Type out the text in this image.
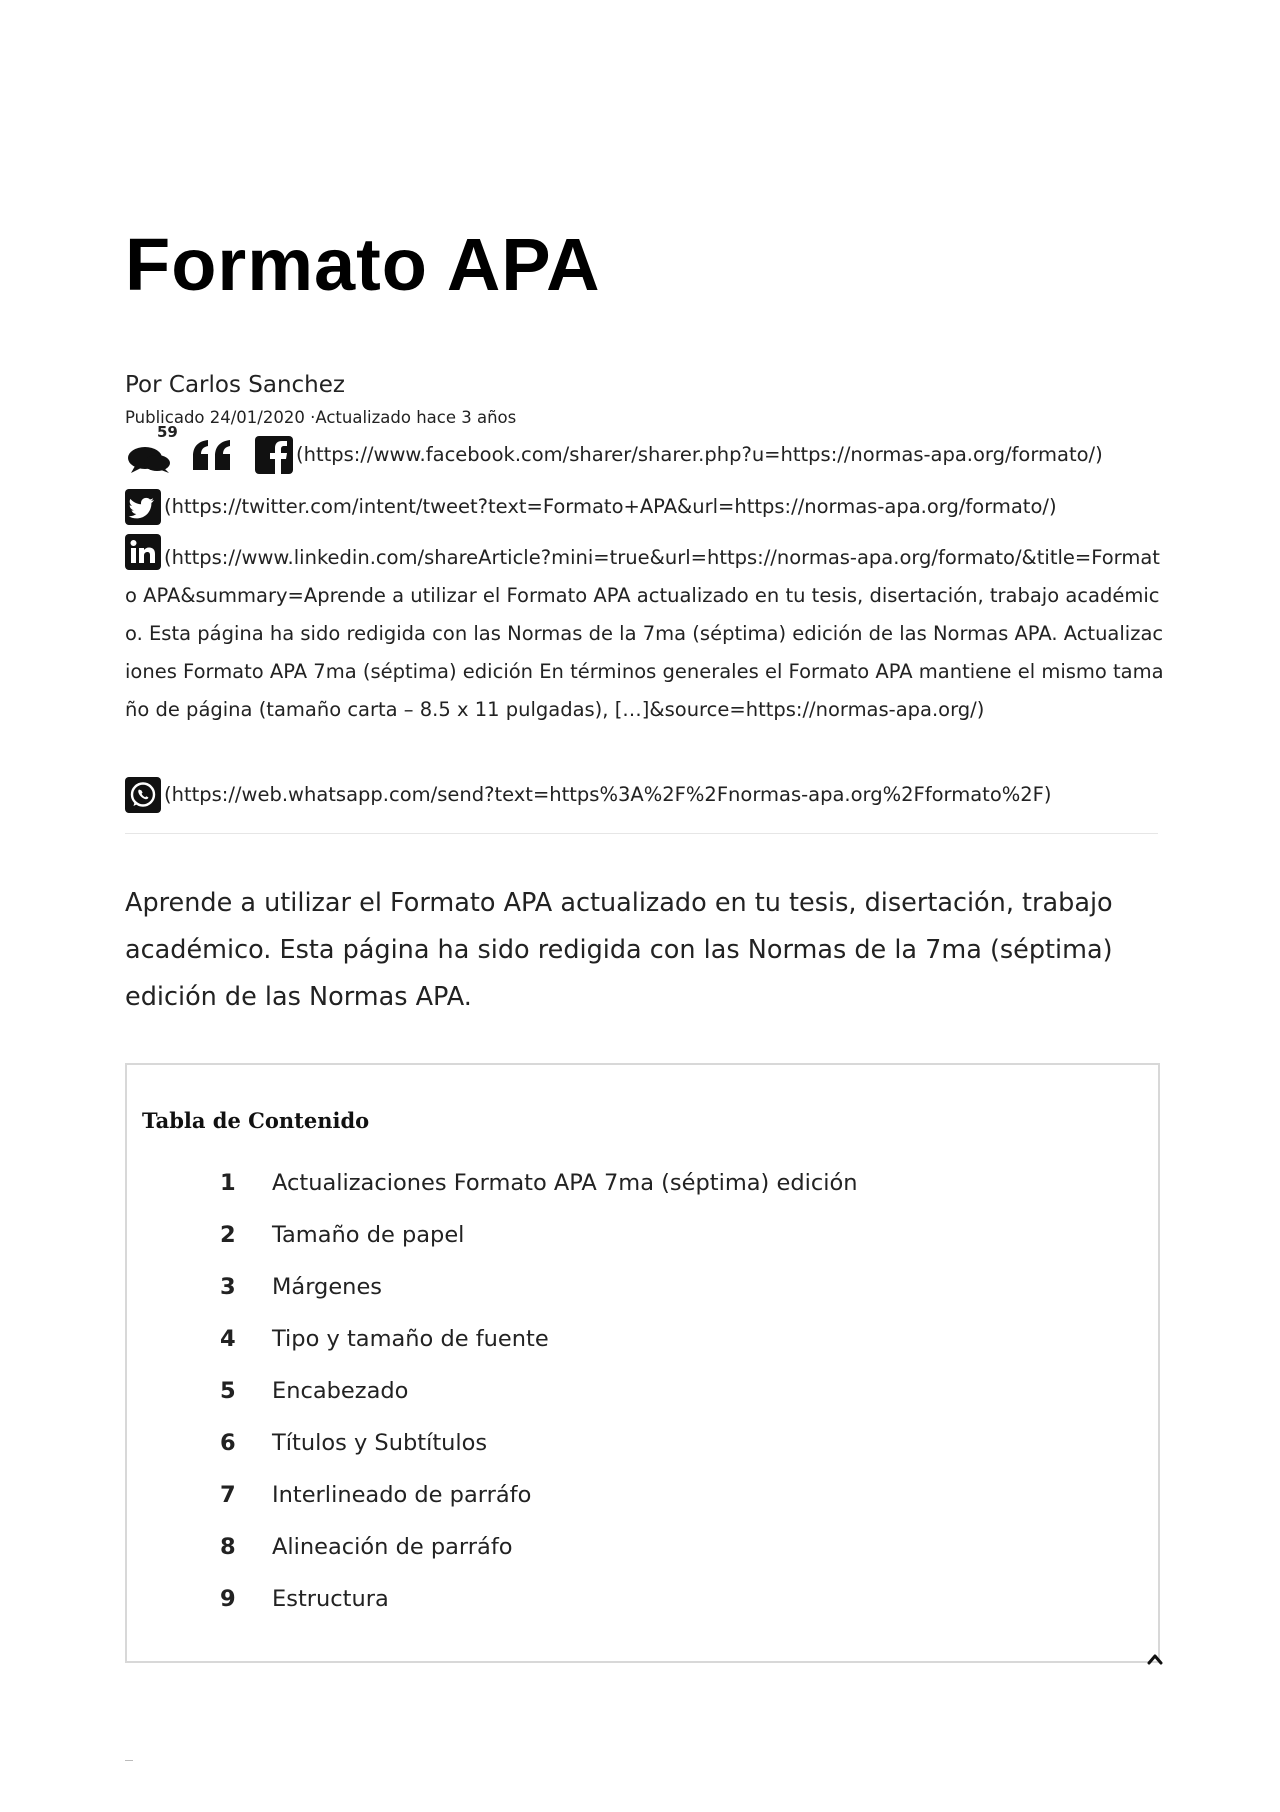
Formato APA
Por Carlos Sanchez
Publicado 24/01/2020 ·Actualizado hace 3 años
59
(https://www.facebook.com/sharer/sharer.php?u=https://normas-apa.org/formato/)
(https://twitter.com/intent/tweet?text=Formato+APA&url=https://normas-apa.org/formato/)
(https://www.linkedin.com/shareArticle?mini=true&url=https://normas-apa.org/formato/&title=Formato APA&summary=Aprende a utilizar el Formato APA actualizado en tu tesis, disertación, trabajo académico. Esta página ha sido redigida con las Normas de la 7ma (séptima) edición de las Normas APA. Actualizaciones Formato APA 7ma (séptima) edición En términos generales el Formato APA mantiene el mismo tamaño de página (tamaño carta – 8.5 x 11 pulgadas), […]&source=https://normas-apa.org/)
(https://web.whatsapp.com/send?text=https%3A%2F%2Fnormas-apa.org%2Fformato%2F)

Aprende a utilizar el Formato APA actualizado en tu tesis, disertación, trabajo académico. Esta página ha sido redigida con las Normas de la 7ma (séptima) edición de las Normas APA.

Tabla de Contenido
1	Actualizaciones Formato APA 7ma (séptima) edición
2	Tamaño de papel
3	Márgenes
4	Tipo y tamaño de fuente
5	Encabezado
6	Títulos y Subtítulos
7	Interlineado de parráfo
8	Alineación de parráfo
9	Estructura
